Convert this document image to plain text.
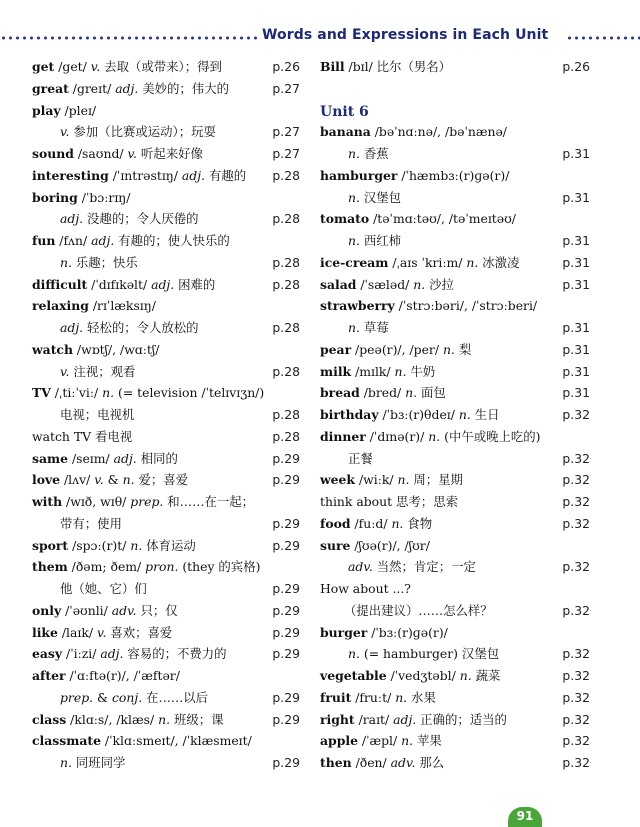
Words and Expressions in Each Unit
get /get/ v. 去取（或带来）；得到	p.26
great /greɪt/ adj. 美妙的；伟大的	p.27
play /pleɪ/
v. 参加（比赛或运动）；玩耍	p.27
sound /saʊnd/ v. 听起来好像	p.27
interesting /ˈɪntrəstɪŋ/ adj. 有趣的 p.28
boring /ˈbɔːrɪŋ/
adj. 没趣的；令人厌倦的	p.28
fun /fʌn/ adj. 有趣的；使人快乐的
n. 乐趣；快乐	p.28
difficult /ˈdɪfɪkəlt/ adj. 困难的	p.28
relaxing /rɪˈlæksɪŋ/
adj. 轻松的；令人放松的	p.28
watch /wɒtʃ/, /wɑːtʃ/
v. 注视；观看	p.28
TV /ˌtiːˈviː/ n. (= television /ˈtelɪvɪʒn/)
电视；电视机	p.28
watch TV 看电视	p.28
same /seɪm/ adj. 相同的	p.29
love /lʌv/ v. & n. 爱；喜爱	p.29
with /wɪð, wɪθ/ prep. 和……在一起；
带有；使用	p.29
sport /spɔː(r)t/ n. 体育运动	p.29
them /ðəm; ðem/ pron. (they 的宾格)
他（她、它）们	p.29
only /ˈəʊnli/ adv. 只；仅	p.29
like /laɪk/ v. 喜欢；喜爱	p.29
easy /ˈiːzi/ adj. 容易的；不费力的	p.29
after /ˈɑːftə(r)/, /ˈæftər/
prep. & conj. 在……以后	p.29
class /klɑːs/, /klæs/ n. 班级；课	p.29
classmate /ˈklɑːsmeɪt/, /ˈklæsmeɪt/
n. 同班同学	p.29
Bill /bɪl/ 比尔（男名）	p.26
Unit 6
banana /bəˈnɑːnə/, /bəˈnænə/
n. 香蕉	p.31
hamburger /ˈhæmbɜː(r)ɡə(r)/
n. 汉堡包	p.31
tomato /təˈmɑːtəʊ/, /təˈmeɪtəʊ/
n. 西红柿	p.31
ice-cream /ˌaɪs ˈkriːm/ n. 冰激凌	p.31
salad /ˈsæləd/ n. 沙拉	p.31
strawberry /ˈstrɔːbəri/, /ˈstrɔːberi/
n. 草莓	p.31
pear /peə(r)/, /per/ n. 梨	p.31
milk /mɪlk/ n. 牛奶	p.31
bread /bred/ n. 面包	p.31
birthday /ˈbɜː(r)θdeɪ/ n. 生日	p.32
dinner /ˈdɪnə(r)/ n. (中午或晚上吃的)
正餐	p.32
week /wiːk/ n. 周；星期	p.32
think about 思考；思索	p.32
food /fuːd/ n. 食物	p.32
sure /ʃʊə(r)/, /ʃʊr/
adv. 当然；肯定；一定	p.32
How about ...?
（提出建议）……怎么样？	p.32
burger /ˈbɜː(r)ɡə(r)/
n. (= hamburger) 汉堡包	p.32
vegetable /ˈvedʒtəbl/ n. 蔬菜	p.32
fruit /fruːt/ n. 水果	p.32
right /raɪt/ adj. 正确的；适当的	p.32
apple /ˈæpl/ n. 苹果	p.32
then /ðen/ adv. 那么	p.32
91
